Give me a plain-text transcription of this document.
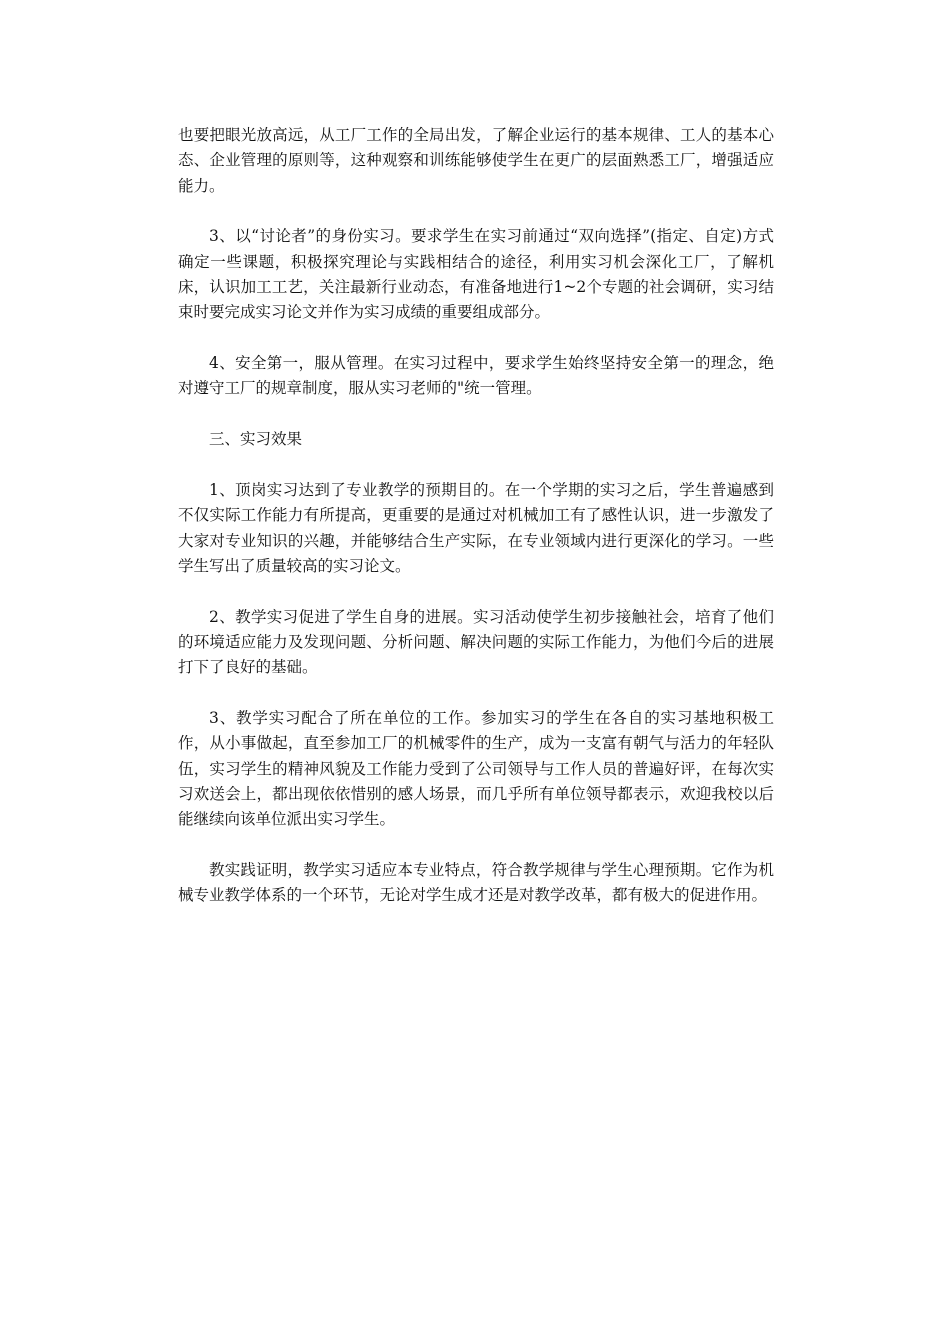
也要把眼光放高远，从工厂工作的全局出发，了解企业运行的基本规律、工人的基本心态、企业管理的原则等，这种观察和训练能够使学生在更广的层面熟悉工厂，增强适应能力。

3、以“讨论者”的身份实习。要求学生在实习前通过“双向选择”(指定、自定)方式确定一些课题，积极探究理论与实践相结合的途径，利用实习机会深化工厂，了解机床，认识加工工艺，关注最新行业动态，有准备地进行1~2个专题的社会调研，实习结束时要完成实习论文并作为实习成绩的重要组成部分。

4、安全第一，服从管理。在实习过程中，要求学生始终坚持安全第一的理念，绝对遵守工厂的规章制度，服从实习老师的"统一管理。

三、实习效果

1、顶岗实习达到了专业教学的预期目的。在一个学期的实习之后，学生普遍感到不仅实际工作能力有所提高，更重要的是通过对机械加工有了感性认识，进一步激发了大家对专业知识的兴趣，并能够结合生产实际，在专业领域内进行更深化的学习。一些学生写出了质量较高的实习论文。

2、教学实习促进了学生自身的进展。实习活动使学生初步接触社会，培育了他们的环境适应能力及发现问题、分析问题、解决问题的实际工作能力，为他们今后的进展打下了良好的基础。

3、教学实习配合了所在单位的工作。参加实习的学生在各自的实习基地积极工作，从小事做起，直至参加工厂的机械零件的生产，成为一支富有朝气与活力的年轻队伍，实习学生的精神风貌及工作能力受到了公司领导与工作人员的普遍好评，在每次实习欢送会上，都出现依依惜别的感人场景，而几乎所有单位领导都表示，欢迎我校以后能继续向该单位派出实习学生。

教实践证明，教学实习适应本专业特点，符合教学规律与学生心理预期。它作为机械专业教学体系的一个环节，无论对学生成才还是对教学改革，都有极大的促进作用。
